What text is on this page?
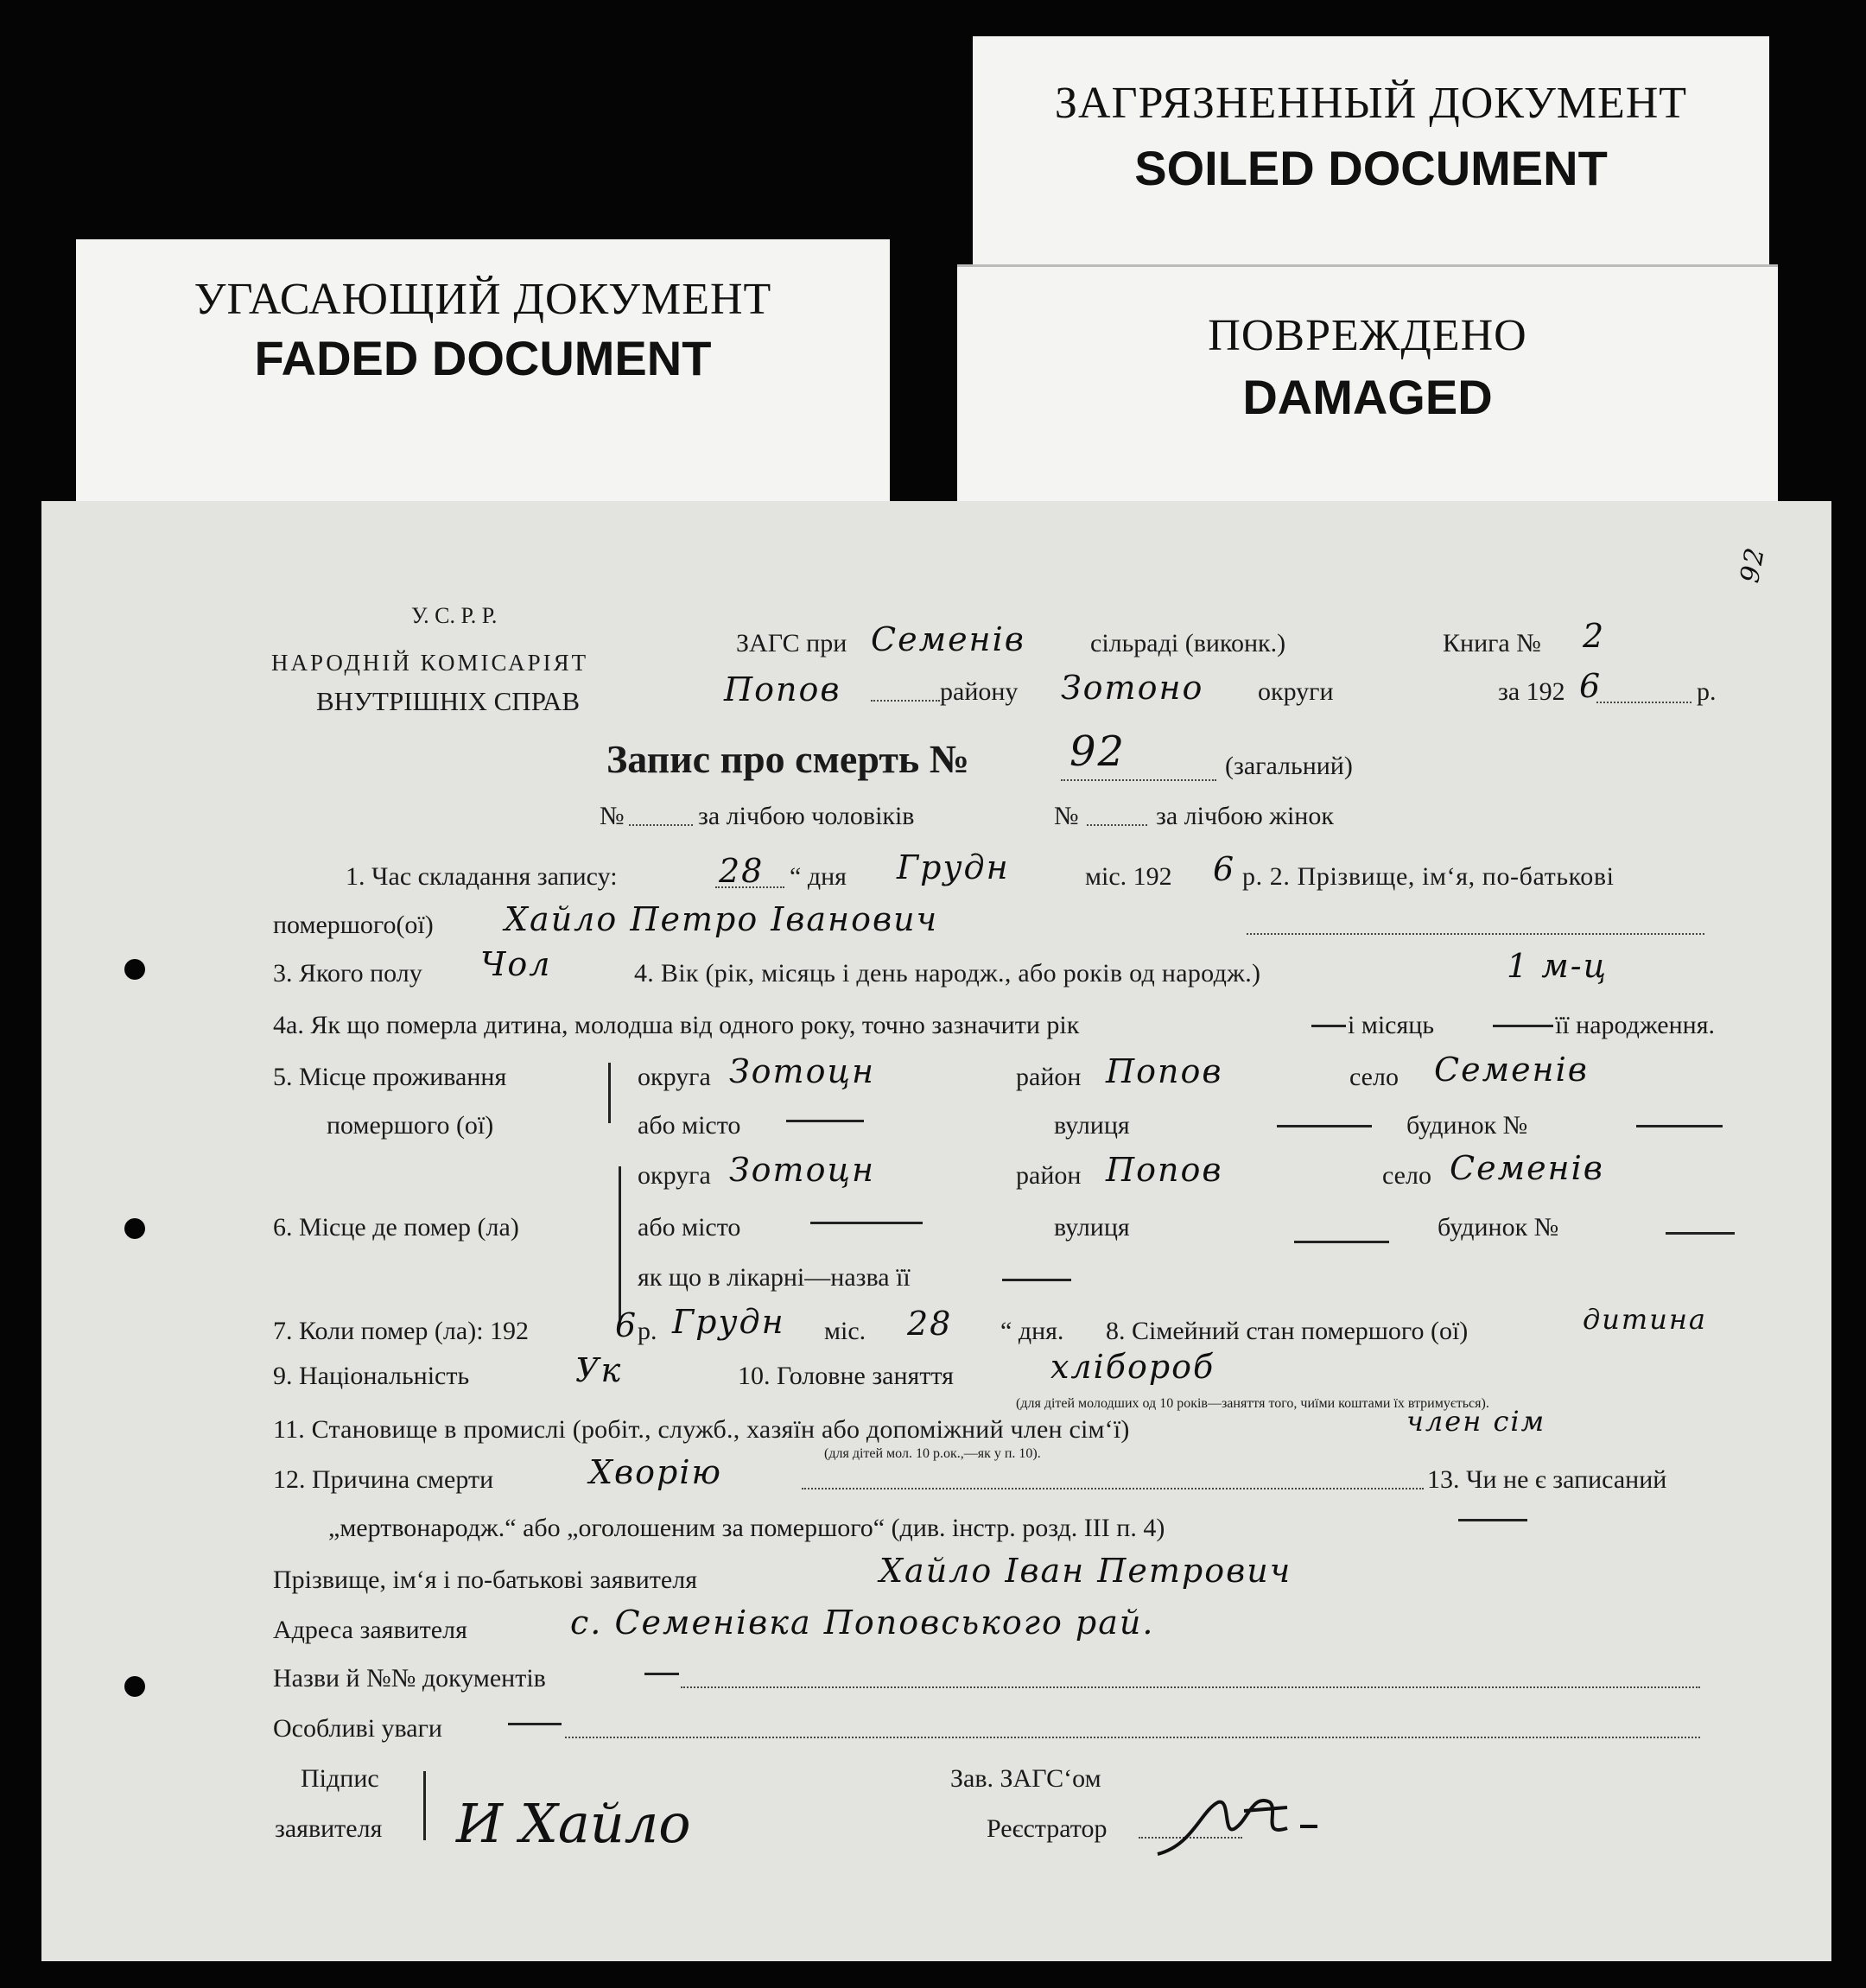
УГАСАЮЩИЙ ДОКУМЕНТ
FADED DOCUMENT
ЗАГРЯЗНЕННЫЙ ДОКУМЕНТ
SOILED DOCUMENT
ПОВРЕЖДЕНО
DAMAGED
92
У. С. Р. Р.
НАРОДНІЙ КОМІСАРІЯТ
ВНУТРІШНІХ СПРАВ
ЗАГС при Семенів	сільраді (виконк.)	Книга № 2
Попов	району Зотоно округи	за 192 6	р.
Запис про смерть № 92	(загальний)
№	за лічбою чоловіків	№	за лічбою жінок
1. Час складання запису:	28 “ дня Грудн	міс. 192 6 р. 2. Прізвище, ім‘я, по-батькові
помершого(ої) Хайло Петро Іванович
3. Якого полу Чол	4. Вік (рік, місяць і день народж., або років од народж.)	1 м-ц
4а. Як що померла дитина, молодша від одного року, точно зазначити рік	і місяць	її народження.
5. Місце проживання
помершого (ої)
округа Зотоцн	район Попов	село Семенів
або місто	вулиця	будинок №
округа Зотоцн	район Попов	село Семенів
6. Місце де помер (ла)	або місто	вулиця	будинок №
як що в лікарні—назва її
7. Коли помер (ла): 192	6 р. Грудн міс. 28 “ дня. 8. Сімейний стан помершого (ої)	дитина
9. Національність	Ук	10. Головне заняття	хлібороб
(для дітей молодших од 10 років—заняття того, чиїми коштами їх втримується).
11. Становище в промислі (робіт., служб., хазяїн або допоміжний член сім‘ї)	член сім
(для дітей мол. 10 р.ок.,—як у п. 10).
12. Причина смерти	Хворію	13. Чи не є записаний
„мертвонародж.“ або „оголошеним за помершого“ (див. інстр. розд. III п. 4)
Прізвище, ім‘я і по-батькові заявителя	Хайло Іван Петрович
Адреса заявителя	с. Семенівка Поповського рай.
Назви й №№ документів
Особливі уваги
Підпис
заявителя И Хайло
Зав. ЗАГС‘ом
Реєстратор
